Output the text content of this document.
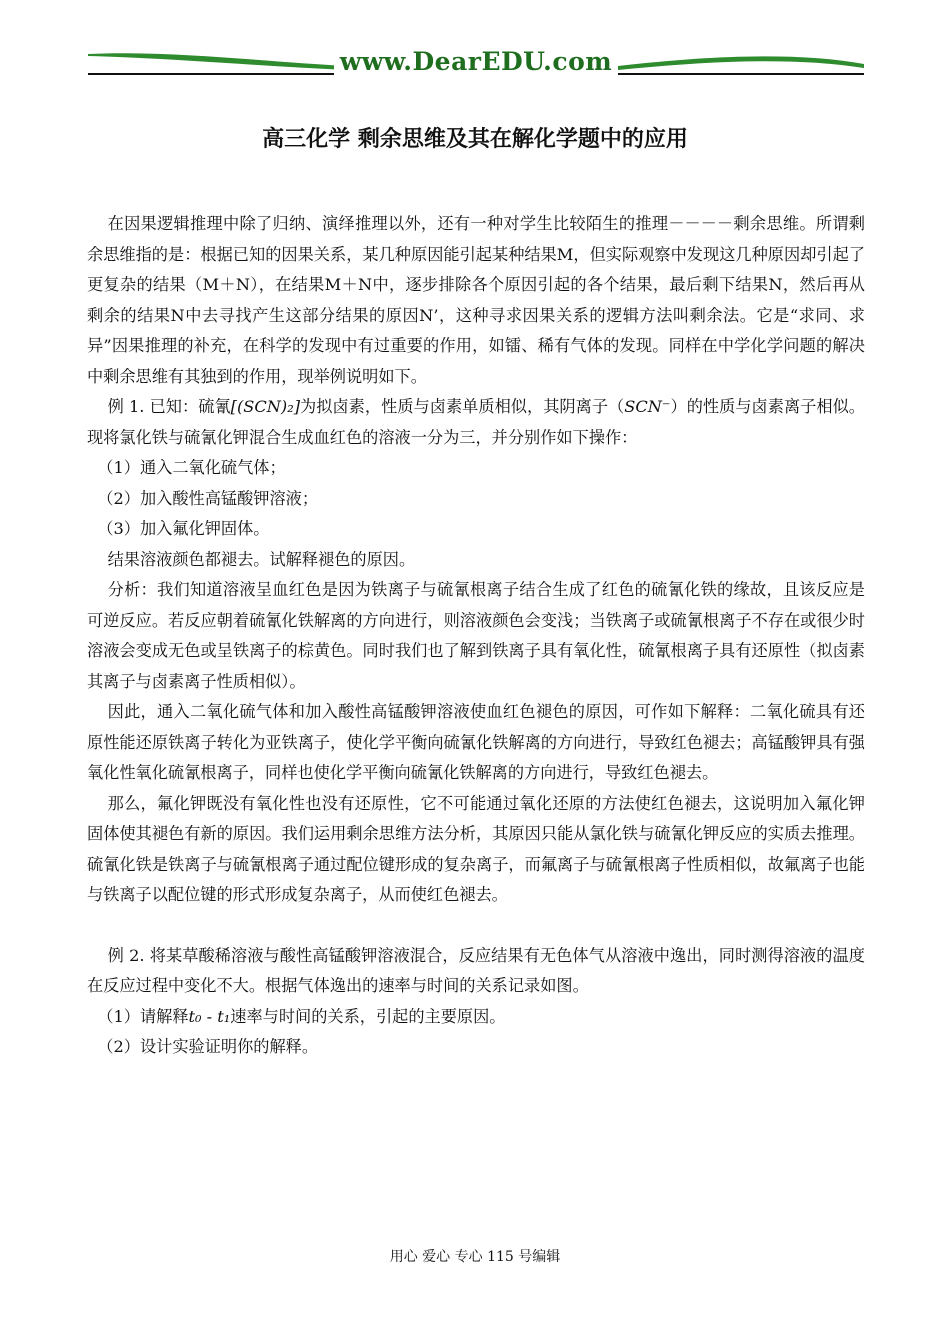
www.DearEDU.com
高三化学 剩余思维及其在解化学题中的应用

在因果逻辑推理中除了归纳、演绎推理以外，还有一种对学生比较陌生的推理－－－－剩余思维。所谓剩余思维指的是：根据已知的因果关系，某几种原因能引起某种结果M，但实际观察中发现这几种原因却引起了更复杂的结果（M＋N），在结果M＋N中，逐步排除各个原因引起的各个结果，最后剩下结果N，然后再从剩余的结果N中去寻找产生这部分结果的原因N’，这种寻求因果关系的逻辑方法叫剩余法。它是“求同、求异”因果推理的补充，在科学的发现中有过重要的作用，如镭、稀有气体的发现。同样在中学化学问题的解决中剩余思维有其独到的作用，现举例说明如下。

例 1. 已知：硫氰[(SCN)₂]为拟卤素，性质与卤素单质相似，其阴离子（SCN⁻）的性质与卤素离子相似。现将氯化铁与硫氰化钾混合生成血红色的溶液一分为三，并分别作如下操作：

（1）通入二氧化硫气体；

（2）加入酸性高锰酸钾溶液；

（3）加入氟化钾固体。

结果溶液颜色都褪去。试解释褪色的原因。

分析：我们知道溶液呈血红色是因为铁离子与硫氰根离子结合生成了红色的硫氰化铁的缘故，且该反应是可逆反应。若反应朝着硫氰化铁解离的方向进行，则溶液颜色会变浅；当铁离子或硫氰根离子不存在或很少时溶液会变成无色或呈铁离子的棕黄色。同时我们也了解到铁离子具有氧化性，硫氰根离子具有还原性（拟卤素其离子与卤素离子性质相似）。

因此，通入二氧化硫气体和加入酸性高锰酸钾溶液使血红色褪色的原因，可作如下解释：二氧化硫具有还原性能还原铁离子转化为亚铁离子，使化学平衡向硫氰化铁解离的方向进行，导致红色褪去；高锰酸钾具有强氧化性氧化硫氰根离子，同样也使化学平衡向硫氰化铁解离的方向进行，导致红色褪去。

那么，氟化钾既没有氧化性也没有还原性，它不可能通过氧化还原的方法使红色褪去，这说明加入氟化钾固体使其褪色有新的原因。我们运用剩余思维方法分析，其原因只能从氯化铁与硫氰化钾反应的实质去推理。硫氰化铁是铁离子与硫氰根离子通过配位键形成的复杂离子，而氟离子与硫氰根离子性质相似，故氟离子也能与铁离子以配位键的形式形成复杂离子，从而使红色褪去。

例 2. 将某草酸稀溶液与酸性高锰酸钾溶液混合，反应结果有无色体气从溶液中逸出，同时测得溶液的温度在反应过程中变化不大。根据气体逸出的速率与时间的关系记录如图。

（1）请解释t₀ - t₁速率与时间的关系，引起的主要原因。

（2）设计实验证明你的解释。

用心 爱心 专心 115 号编辑
